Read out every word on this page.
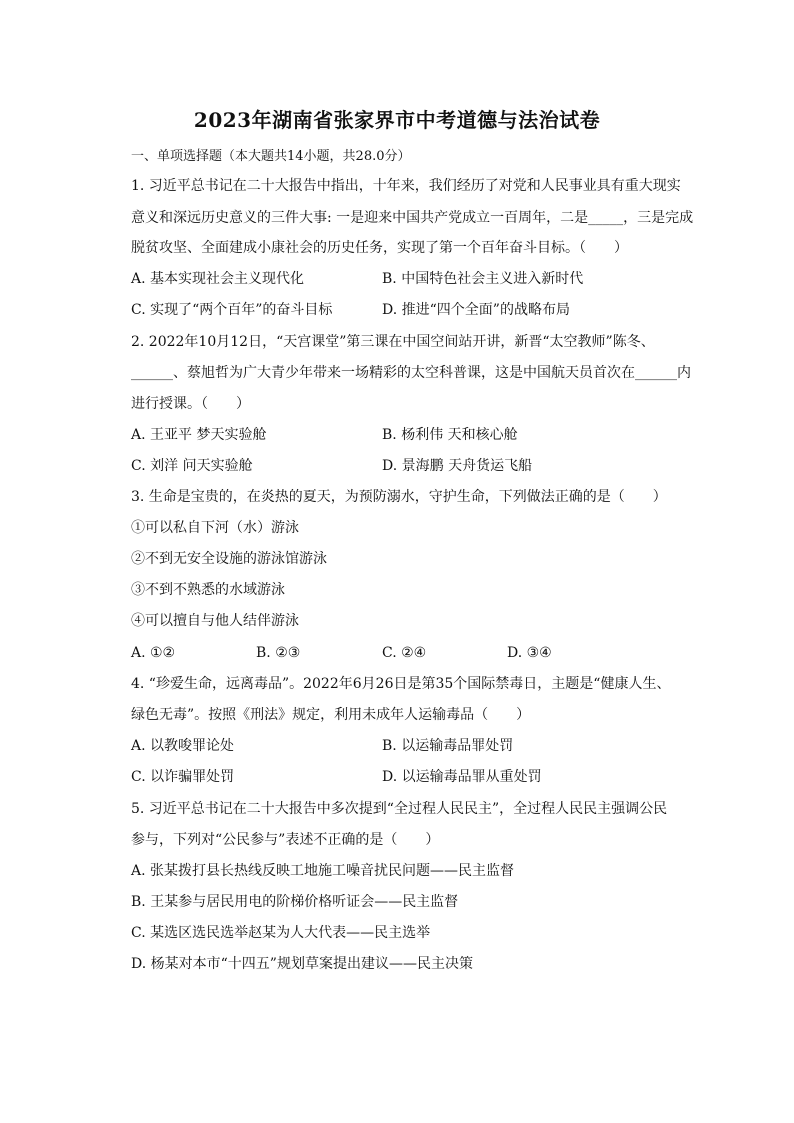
2023年湖南省张家界市中考道德与法治试卷
一、单项选择题（本大题共14小题，共28.0分）
1. 习近平总书记在二十大报告中指出，十年来，我们经历了对党和人民事业具有重大现实
意义和深远历史意义的三件大事: 一是迎来中国共产党成立一百周年，二是_____，三是完成
脱贫攻坚、全面建成小康社会的历史任务，实现了第一个百年奋斗目标。（　　）
A. 基本实现社会主义现代化	B. 中国特色社会主义进入新时代
C. 实现了“两个百年”的奋斗目标	D. 推进“四个全面”的战略布局
2. 2022年10月12日，“天宫课堂”第三课在中国空间站开讲，新晋“太空教师”陈冬、
______、蔡旭哲为广大青少年带来一场精彩的太空科普课，这是中国航天员首次在______内
进行授课。（　　）
A. 王亚平 梦天实验舱	B. 杨利伟 天和核心舱
C. 刘洋 问天实验舱	D. 景海鹏 天舟货运飞船
3. 生命是宝贵的，在炎热的夏天，为预防溺水，守护生命，下列做法正确的是（　　）
①可以私自下河（水）游泳
②不到无安全设施的游泳馆游泳
③不到不熟悉的水域游泳
④可以擅自与他人结伴游泳
A. ①②	B. ②③	C. ②④	D. ③④
4. “珍爱生命，远离毒品”。2022年6月26日是第35个国际禁毒日，主题是“健康人生、
绿色无毒”。按照《刑法》规定，利用未成年人运输毒品（　　）
A. 以教唆罪论处	B. 以运输毒品罪处罚
C. 以诈骗罪处罚	D. 以运输毒品罪从重处罚
5. 习近平总书记在二十大报告中多次提到“全过程人民民主”，全过程人民民主强调公民
参与，下列对“公民参与”表述不正确的是（　　）
A. 张某拨打县长热线反映工地施工噪音扰民问题——民主监督
B. 王某参与居民用电的阶梯价格听证会——民主监督
C. 某选区选民选举赵某为人大代表——民主选举
D. 杨某对本市“十四五”规划草案提出建议——民主决策
